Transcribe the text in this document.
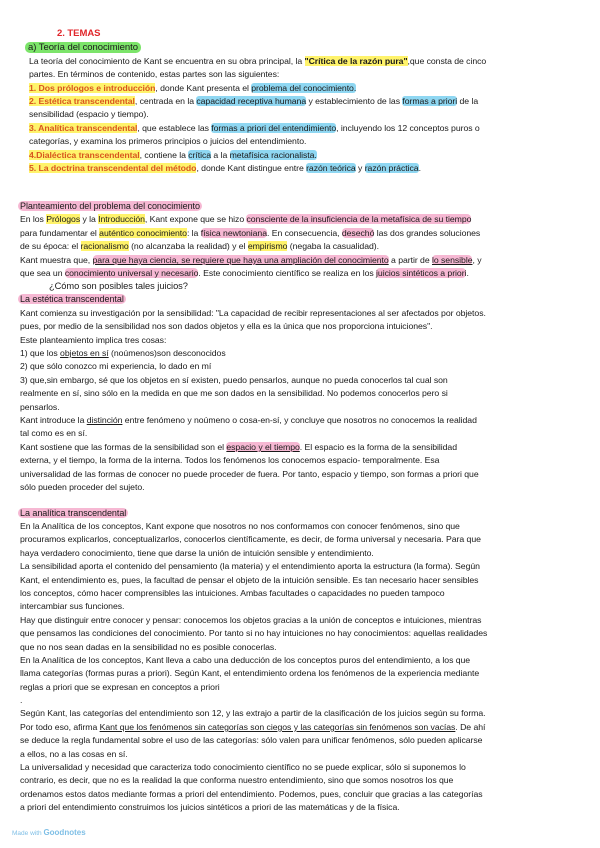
2. TEMAS
a) Teoría del conocimiento
La teoría del conocimiento de Kant se encuentra en su obra principal, la "Crítica de la razón pura",que consta de cinco
partes. En términos de contenido, estas partes son las siguientes:
1. Dos prólogos e introducción, donde Kant presenta el problema del conocimiento.
2. Estética transcendental, centrada en la capacidad receptiva humana y establecimiento de las formas a priori de la
sensibilidad (espacio y tiempo).
3. Analítica transcendental, que establece las formas a priori del entendimiento, incluyendo los 12 conceptos puros o
categorías, y examina los primeros principios o juicios del entendimiento.
4.Dialéctica transcendental, contiene la crítica a la metafísica racionalista.
5. La doctrina transcendental del método, donde Kant distingue entre razón teórica y razón práctica.
Planteamiento del problema del conocimiento
En los Prólogos y la Introducción, Kant expone que se hizo consciente de la insuficiencia de la metafísica de su tiempo
para fundamentar el auténtico conocimiento: la física newtoniana. En consecuencia, desechó las dos grandes soluciones
de su época: el racionalismo (no alcanzaba la realidad) y el empirismo (negaba la casualidad).
Kant muestra que, para que haya ciencia, se requiere que haya una ampliación del conocimiento a partir de lo sensible, y
que sea un conocimiento universal y necesario. Este conocimiento científico se realiza en los juicios sintéticos a priori.
¿Cómo son posibles tales juicios?
La estética transcendental
Kant comienza su investigación por la sensibilidad: "La capacidad de recibir representaciones al ser afectados por objetos.
pues, por medio de la sensibilidad nos son dados objetos y ella es la única que nos proporciona intuiciones".
Este planteamiento implica tres cosas:
1) que los objetos en sí (noúmenos)son desconocidos
2) que sólo conozco mi experiencia, lo dado en mí
3) que,sin embargo, sé que los objetos en sí existen, puedo pensarlos, aunque no pueda conocerlos tal cual son
realmente en sí, sino sólo en la medida en que me son dados en la sensibilidad. No podemos conocerlos pero si
pensarlos.
Kant introduce la distinción entre fenómeno y noúmeno o cosa-en-sí, y concluye que nosotros no conocemos la realidad
tal como es en sí.
Kant sostiene que las formas de la sensibilidad son el espacio y el tiempo. El espacio es la forma de la sensibilidad
externa, y el tiempo, la forma de la interna. Todos los fenómenos los conocemos espacio- temporalmente. Esa
universalidad de las formas de conocer no puede proceder de fuera. Por tanto, espacio y tiempo, son formas a priori que
sólo pueden proceder del sujeto.
La analítica transcendental
En la Analítica de los conceptos, Kant expone que nosotros no nos conformamos con conocer fenómenos, sino que
procuramos explicarlos, conceptualizarlos, conocerlos científicamente, es decir, de forma universal y necesaria. Para que
haya verdadero conocimiento, tiene que darse la unión de intuición sensible y entendimiento.
La sensibilidad aporta el contenido del pensamiento (la materia) y el entendimiento aporta la estructura (la forma). Según
Kant, el entendimiento es, pues, la facultad de pensar el objeto de la intuición sensible. Es tan necesario hacer sensibles
los conceptos, cómo hacer comprensibles las intuiciones. Ambas facultades o capacidades no pueden tampoco
intercambiar sus funciones.
Hay que distinguir entre conocer y pensar: conocemos los objetos gracias a la unión de conceptos e intuiciones, mientras
que pensamos las condiciones del conocimiento. Por tanto si no hay intuiciones no hay conocimientos: aquellas realidades
que no nos sean dadas en la sensibilidad no es posible conocerlas.
En la Analítica de los conceptos, Kant lleva a cabo una deducción de los conceptos puros del entendimiento, a los que
llama categorías (formas puras a priori). Según Kant, el entendimiento ordena los fenómenos de la experiencia mediante
reglas a priori que se expresan en conceptos a priori
.
Según Kant, las categorías del entendimiento son 12, y las extrajo a partir de la clasificación de los juicios según su forma.
Por todo eso, afirma Kant que los fenómenos sin categorías son ciegos y las categorías sin fenómenos son vacías. De ahí
se deduce la regla fundamental sobre el uso de las categorías: sólo valen para unificar fenómenos, sólo pueden aplicarse
a ellos, no a las cosas en sí.
La universalidad y necesidad que caracteriza todo conocimiento científico no se puede explicar, sólo si suponemos lo
contrario, es decir, que no es la realidad la que conforma nuestro entendimiento, sino que somos nosotros los que
ordenamos estos datos mediante formas a priori del entendimiento. Podemos, pues, concluir que gracias a las categorías
a priori del entendimiento construimos los juicios sintéticos a priori de las matemáticas y de la física.
Made with Goodnotes
